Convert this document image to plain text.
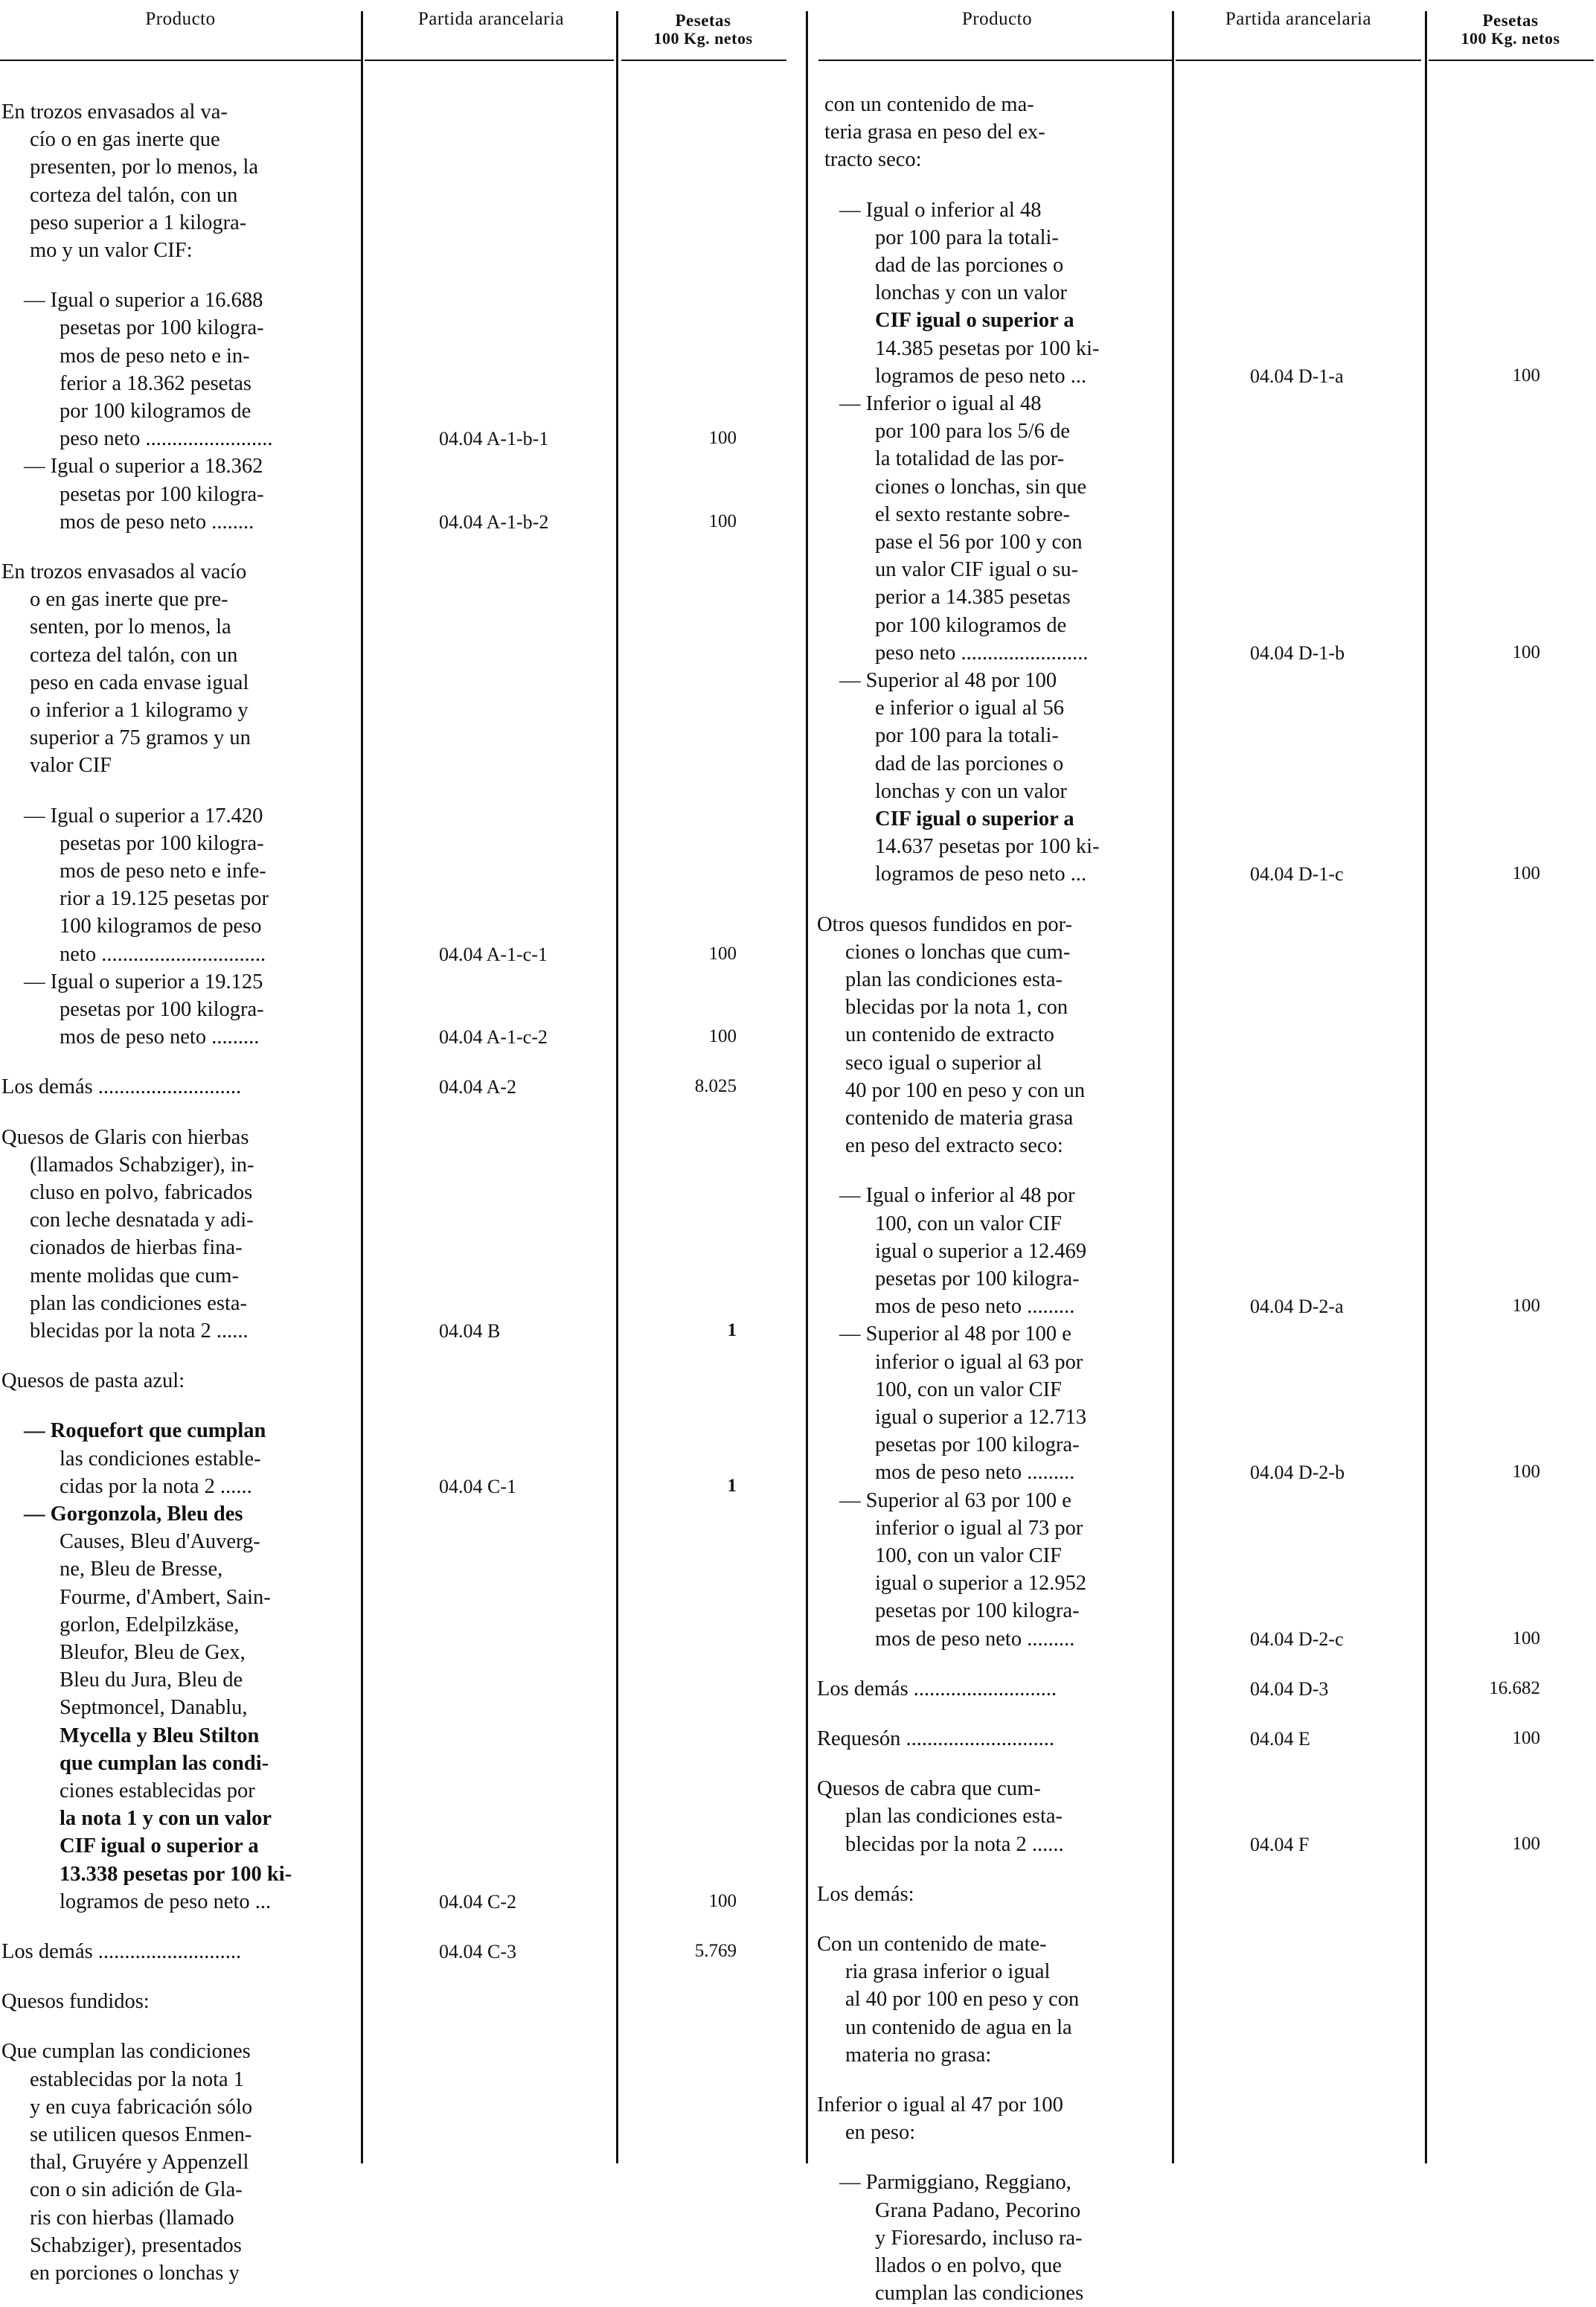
Producto	Partida arancelaria	Pesetas
100 Kg. netos
En trozos envasados al va-
cío o en gas inerte que
presenten, por lo menos, la
corteza del talón, con un
peso superior a 1 kilogra-
mo y un valor CIF:
— Igual o superior a 16.688
pesetas por 100 kilogra-
mos de peso neto e in-
ferior a 18.362 pesetas
por 100 kilogramos de
peso neto ........................	04.04 A-1-b-1	100
— Igual o superior a 18.362
pesetas por 100 kilogra-
mos de peso neto ........	04.04 A-1-b-2	100
En trozos envasados al vacío
o en gas inerte que pre-
senten, por lo menos, la
corteza del talón, con un
peso en cada envase igual
o inferior a 1 kilogramo y
superior a 75 gramos y un
valor CIF
— Igual o superior a 17.420
pesetas por 100 kilogra-
mos de peso neto e infe-
rior a 19.125 pesetas por
100 kilogramos de peso
neto ...............................	04.04 A-1-c-1	100
— Igual o superior a 19.125
pesetas por 100 kilogra-
mos de peso neto .........	04.04 A-1-c-2	100
Los demás ...........................	04.04 A-2	8.025
Quesos de Glaris con hierbas
(llamados Schabziger), in-
cluso en polvo, fabricados
con leche desnatada y adi-
cionados de hierbas fina-
mente molidas que cum-
plan las condiciones esta-
blecidas por la nota 2 ......	04.04 B	1
Quesos de pasta azul:
— Roquefort que cumplan
las condiciones estable-
cidas por la nota 2 ......	04.04 C-1	1
— Gorgonzola, Bleu des
Causes, Bleu d'Auverg-
ne, Bleu de Bresse,
Fourme, d'Ambert, Sain-
gorlon, Edelpilzkäse,
Bleufor, Bleu de Gex,
Bleu du Jura, Bleu de
Septmoncel, Danablu,
Mycella y Bleu Stilton
que cumplan las condi-
ciones establecidas por
la nota 1 y con un valor
CIF igual o superior a
13.338 pesetas por 100 ki-
logramos de peso neto ...	04.04 C-2	100
Los demás ...........................	04.04 C-3	5.769
Quesos fundidos:
Que cumplan las condiciones
establecidas por la nota 1
y en cuya fabricación sólo
se utilicen quesos Enmen-
thal, Gruyére y Appenzell
con o sin adición de Gla-
ris con hierbas (llamado
Schabziger), presentados
en porciones o lonchas y
Producto	Partida arancelaria	Pesetas
100 Kg. netos
con un contenido de ma-
teria grasa en peso del ex-
tracto seco:
— Igual o inferior al 48
por 100 para la totali-
dad de las porciones o
lonchas y con un valor
CIF igual o superior a
14.385 pesetas por 100 ki-
logramos de peso neto ...	04.04 D-1-a	100
— Inferior o igual al 48
por 100 para los 5/6 de
la totalidad de las por-
ciones o lonchas, sin que
el sexto restante sobre-
pase el 56 por 100 y con
un valor CIF igual o su-
perior a 14.385 pesetas
por 100 kilogramos de
peso neto ........................	04.04 D-1-b	100
— Superior al 48 por 100
e inferior o igual al 56
por 100 para la totali-
dad de las porciones o
lonchas y con un valor
CIF igual o superior a
14.637 pesetas por 100 ki-
logramos de peso neto ...	04.04 D-1-c	100
Otros quesos fundidos en por-
ciones o lonchas que cum-
plan las condiciones esta-
blecidas por la nota 1, con
un contenido de extracto
seco igual o superior al
40 por 100 en peso y con un
contenido de materia grasa
en peso del extracto seco:
— Igual o inferior al 48 por
100, con un valor CIF
igual o superior a 12.469
pesetas por 100 kilogra-
mos de peso neto .........	04.04 D-2-a	100
— Superior al 48 por 100 e
inferior o igual al 63 por
100, con un valor CIF
igual o superior a 12.713
pesetas por 100 kilogra-
mos de peso neto .........	04.04 D-2-b	100
— Superior al 63 por 100 e
inferior o igual al 73 por
100, con un valor CIF
igual o superior a 12.952
pesetas por 100 kilogra-
mos de peso neto .........	04.04 D-2-c	100
Los demás ...........................	04.04 D-3	16.682
Requesón ............................	04.04 E	100
Quesos de cabra que cum-
plan las condiciones esta-
blecidas por la nota 2 ......	04.04 F	100
Los demás:
Con un contenido de mate-
ria grasa inferior o igual
al 40 por 100 en peso y con
un contenido de agua en la
materia no grasa:
Inferior o igual al 47 por 100
en peso:
— Parmiggiano, Reggiano,
Grana Padano, Pecorino
y Fioresardo, incluso ra-
llados o en polvo, que
cumplan las condiciones
